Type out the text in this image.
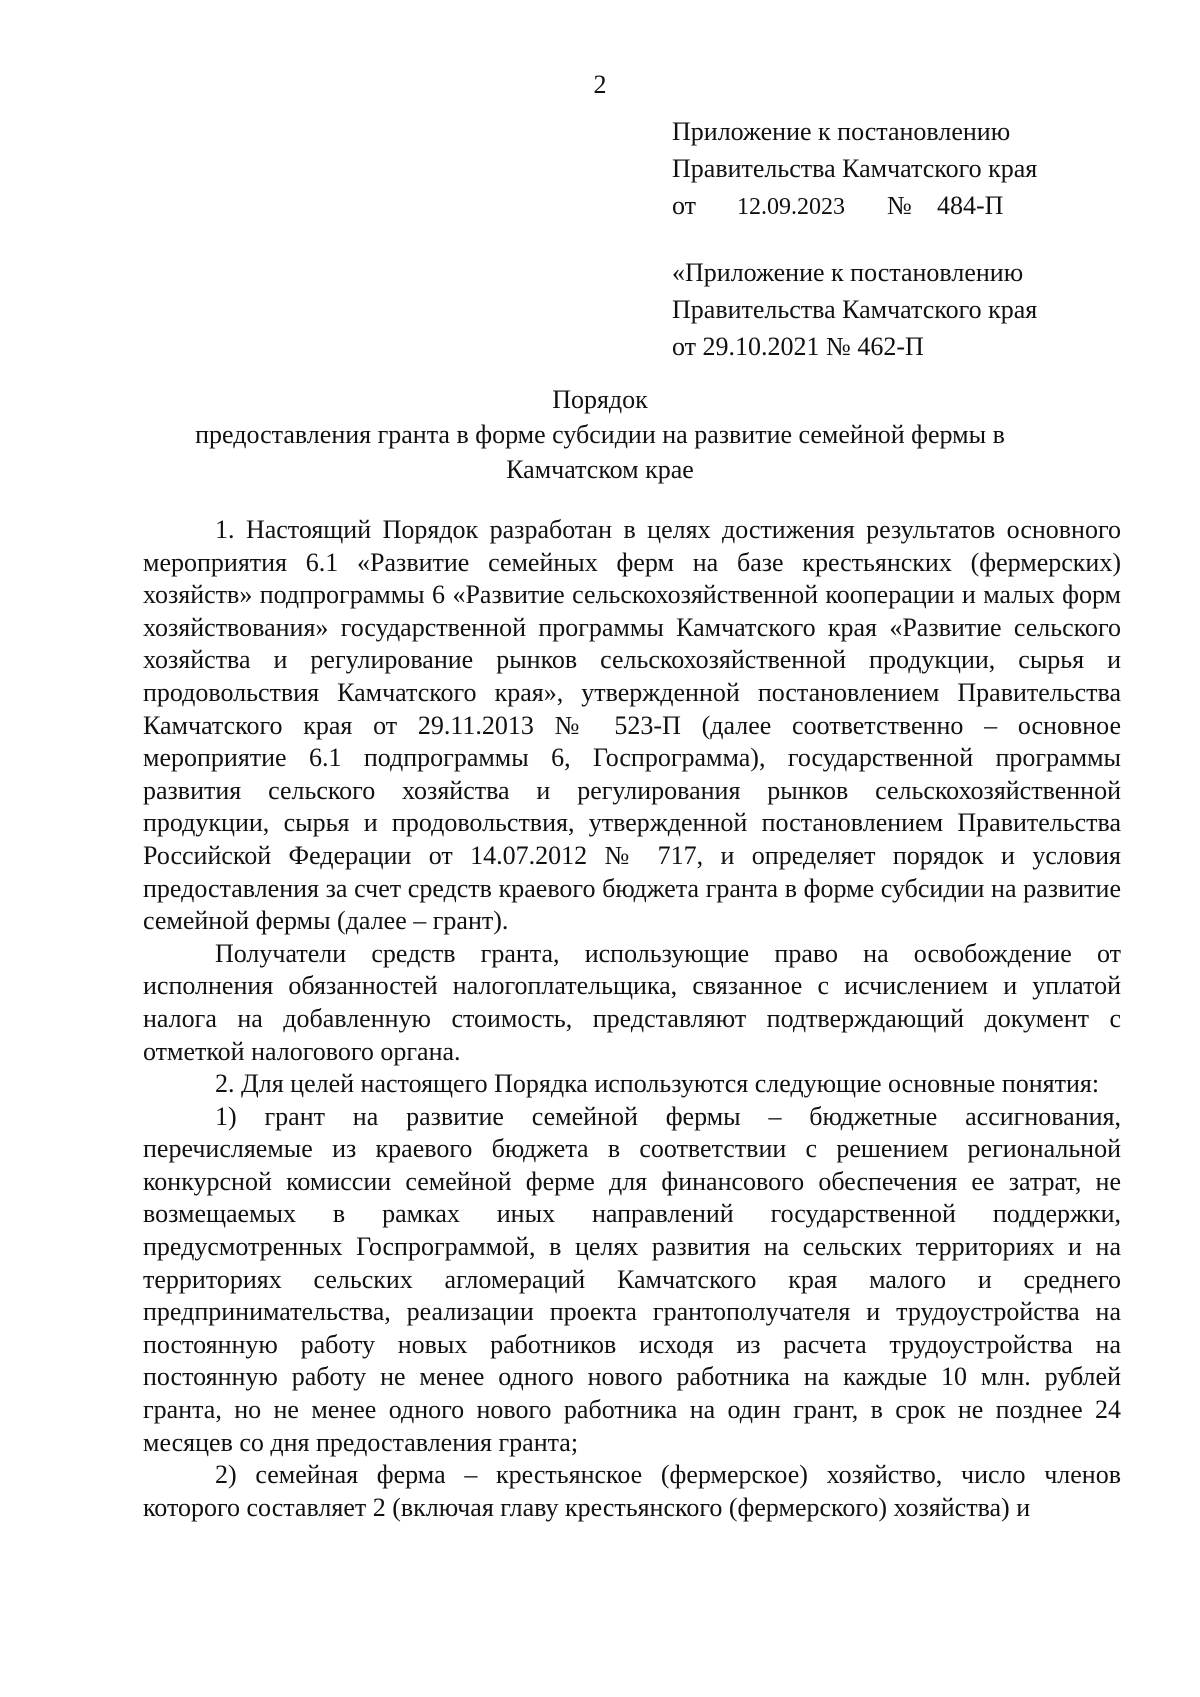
2
Приложение к постановлению
Правительства Камчатского края
от 12.09.2023 № 484-П
«Приложение к постановлению
Правительства Камчатского края
от 29.10.2021 № 462-П
Порядок
предоставления гранта в форме субсидии на развитие семейной фермы в Камчатском крае

1. Настоящий Порядок разработан в целях достижения результатов основного мероприятия 6.1 «Развитие семейных ферм на базе крестьянских (фермерских) хозяйств» подпрограммы 6 «Развитие сельскохозяйственной кооперации и малых форм хозяйствования» государственной программы Камчатского края «Развитие сельского хозяйства и регулирование рынков сельскохозяйственной продукции, сырья и продовольствия Камчатского края», утвержденной постановлением Правительства Камчатского края от 29.11.2013 № 523-П (далее соответственно – основное мероприятие 6.1 подпрограммы 6, Госпрограмма), государственной программы развития сельского хозяйства и регулирования рынков сельскохозяйственной продукции, сырья и продовольствия, утвержденной постановлением Правительства Российской Федерации от 14.07.2012 № 717, и определяет порядок и условия предоставления за счет средств краевого бюджета гранта в форме субсидии на развитие семейной фермы (далее – грант).

Получатели средств гранта, использующие право на освобождение от исполнения обязанностей налогоплательщика, связанное с исчислением и уплатой налога на добавленную стоимость, представляют подтверждающий документ с отметкой налогового органа.

2. Для целей настоящего Порядка используются следующие основные понятия:

1) грант на развитие семейной фермы – бюджетные ассигнования, перечисляемые из краевого бюджета в соответствии с решением региональной конкурсной комиссии семейной ферме для финансового обеспечения ее затрат, не возмещаемых в рамках иных направлений государственной поддержки, предусмотренных Госпрограммой, в целях развития на сельских территориях и на территориях сельских агломераций Камчатского края малого и среднего предпринимательства, реализации проекта грантополучателя и трудоустройства на постоянную работу новых работников исходя из расчета трудоустройства на постоянную работу не менее одного нового работника на каждые 10 млн. рублей гранта, но не менее одного нового работника на один грант, в срок не позднее 24 месяцев со дня предоставления гранта;

2) семейная ферма – крестьянское (фермерское) хозяйство, число членов которого составляет 2 (включая главу крестьянского (фермерского) хозяйства) и
